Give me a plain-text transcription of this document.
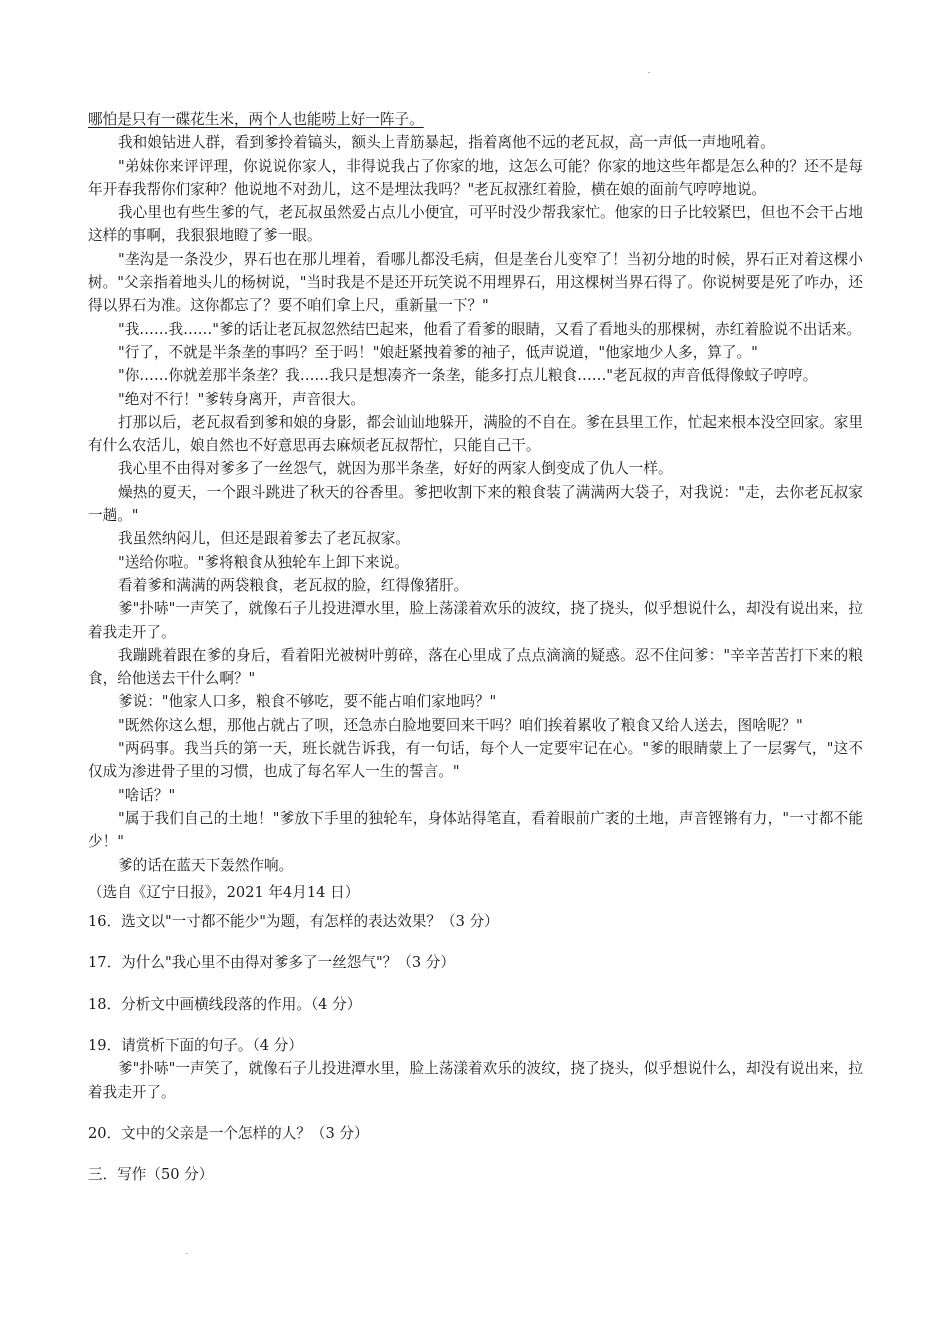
哪怕是只有一碟花生米，两个人也能唠上好一阵子。

我和娘钻进人群，看到爹拎着镐头，额头上青筋暴起，指着离他不远的老瓦叔，高一声低一声地吼着。

"弟妹你来评评理，你说说你家人，非得说我占了你家的地，这怎么可能？你家的地这些年都是怎么种的？还不是每年开春我帮你们家种？他说地不对劲儿，这不是埋汰我吗？"老瓦叔涨红着脸，横在娘的面前气哼哼地说。

我心里也有些生爹的气，老瓦叔虽然爱占点儿小便宜，可平时没少帮我家忙。他家的日子比较紧巴，但也不会干占地这样的事啊，我狠狠地瞪了爹一眼。

"垄沟是一条没少，界石也在那儿埋着，看哪儿都没毛病，但是垄台儿变窄了！当初分地的时候，界石正对着这棵小树。"父亲指着地头儿的杨树说，"当时我是不是还开玩笑说不用埋界石，用这棵树当界石得了。你说树要是死了咋办，还得以界石为准。这你都忘了？要不咱们拿上尺，重新量一下？"

"我……我……"爹的话让老瓦叔忽然结巴起来，他看了看爹的眼睛，又看了看地头的那棵树，赤红着脸说不出话来。

"行了，不就是半条垄的事吗？至于吗！"娘赶紧拽着爹的袖子，低声说道，"他家地少人多，算了。"

"你……你就差那半条垄？我……我只是想凑齐一条垄，能多打点儿粮食……"老瓦叔的声音低得像蚊子哼哼。

"绝对不行！"爹转身离开，声音很大。

打那以后，老瓦叔看到爹和娘的身影，都会讪讪地躲开，满脸的不自在。爹在县里工作，忙起来根本没空回家。家里有什么农活儿，娘自然也不好意思再去麻烦老瓦叔帮忙，只能自己干。

我心里不由得对爹多了一丝怨气，就因为那半条垄，好好的两家人倒变成了仇人一样。

燥热的夏天，一个跟斗跳进了秋天的谷香里。爹把收割下来的粮食装了满满两大袋子，对我说："走，去你老瓦叔家一趟。"

我虽然纳闷儿，但还是跟着爹去了老瓦叔家。

"送给你啦。"爹将粮食从独轮车上卸下来说。

看着爹和满满的两袋粮食，老瓦叔的脸，红得像猪肝。

爹"扑哧"一声笑了，就像石子儿投进潭水里，脸上荡漾着欢乐的波纹，挠了挠头，似乎想说什么，却没有说出来，拉着我走开了。

我蹦跳着跟在爹的身后，看着阳光被树叶剪碎，落在心里成了点点滴滴的疑惑。忍不住问爹："辛辛苦苦打下来的粮食，给他送去干什么啊？"

爹说："他家人口多，粮食不够吃，要不能占咱们家地吗？"

"既然你这么想，那他占就占了呗，还急赤白脸地要回来干吗？咱们挨着累收了粮食又给人送去，图啥呢？"

"两码事。我当兵的第一天，班长就告诉我，有一句话，每个人一定要牢记在心。"爹的眼睛蒙上了一层雾气，"这不仅成为渗进骨子里的习惯，也成了每名军人一生的誓言。"

"啥话？"

"属于我们自己的土地！"爹放下手里的独轮车，身体站得笔直，看着眼前广袤的土地，声音铿锵有力，"一寸都不能少！"

爹的话在蓝天下轰然作响。

（选自《辽宁日报》，2021 年4月14 日）

16．选文以"一寸都不能少"为题，有怎样的表达效果？（3 分）

17．为什么"我心里不由得对爹多了一丝怨气"？（3 分）

18．分析文中画横线段落的作用。（4 分）

19．请赏析下面的句子。（4 分）

爹"扑哧"一声笑了，就像石子儿投进潭水里，脸上荡漾着欢乐的波纹，挠了挠头，似乎想说什么，却没有说出来，拉着我走开了。

20．文中的父亲是一个怎样的人？（3 分）

三．写作（50 分）
